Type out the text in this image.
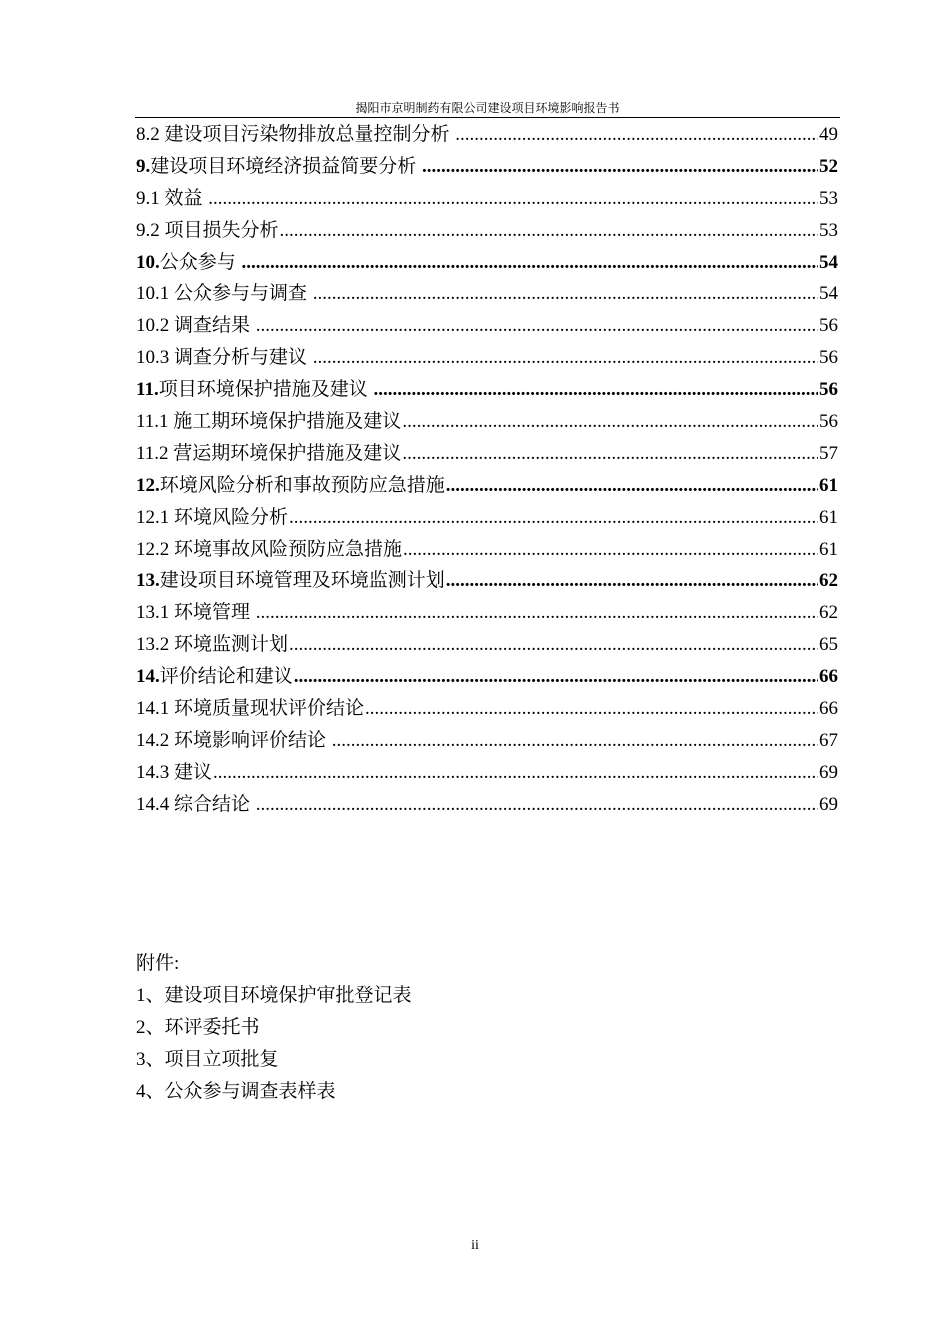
揭阳市京明制药有限公司建设项目环境影响报告书
8.2 建设项目污染物排放总量控制分析 .....	49
9.建设项目环境经济损益简要分析 .....	52
9.1 效益 .....	53
9.2 项目损失分析 .....	53
10.公众参与 .....	54
10.1 公众参与与调查 .....	54
10.2 调查结果 .....	56
10.3 调查分析与建议 .....	56
11.项目环境保护措施及建议 .....	56
11.1 施工期环境保护措施及建议 .....	56
11.2 营运期环境保护措施及建议 .....	57
12.环境风险分析和事故预防应急措施 .....	61
12.1 环境风险分析 .....	61
12.2 环境事故风险预防应急措施 .....	61
13.建设项目环境管理及环境监测计划 .....	62
13.1 环境管理 .....	62
13.2 环境监测计划 .....	65
14.评价结论和建议 .....	66
14.1 环境质量现状评价结论 .....	66
14.2 环境影响评价结论 .....	67
14.3 建议 .....	69
14.4 综合结论 .....	69
附件:
1、建设项目环境保护审批登记表
2、环评委托书
3、项目立项批复
4、公众参与调查表样表
ii
